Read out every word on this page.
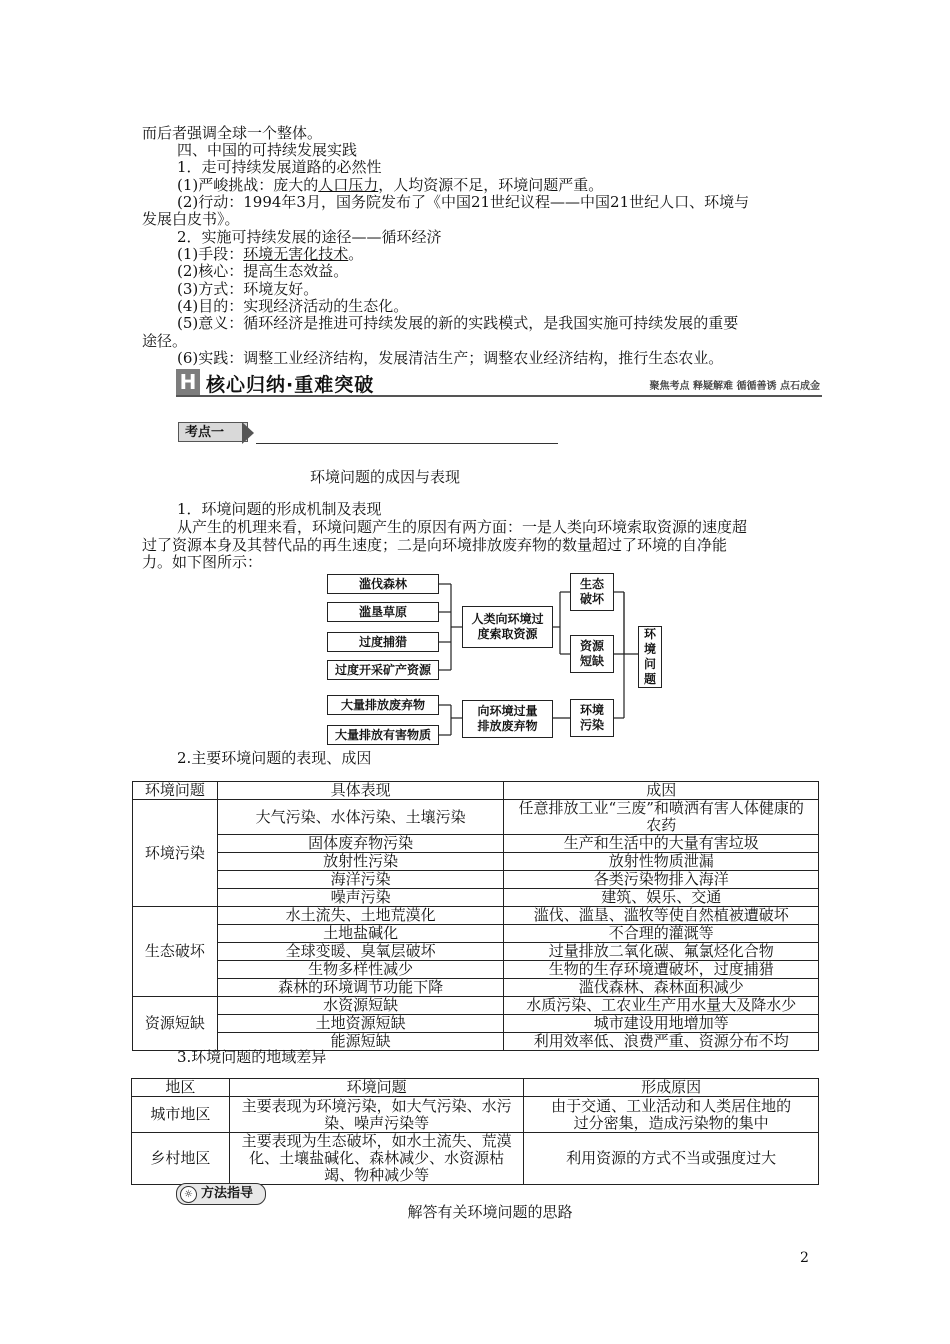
而后者强调全球一个整体。
四、中国的可持续发展实践
1．走可持续发展道路的必然性
(1)严峻挑战：庞大的人口压力，人均资源不足，环境问题严重。
(2)行动：1994年3月，国务院发布了《中国21世纪议程——中国21世纪人口、环境与
发展白皮书》。
2．实施可持续发展的途径——循环经济
(1)手段：环境无害化技术。
(2)核心：提高生态效益。
(3)方式：环境友好。
(4)目的：实现经济活动的生态化。
(5)意义：循环经济是推进可持续发展的新的实践模式，是我国实施可持续发展的重要
途径。
(6)实践：调整工业经济结构，发展清洁生产；调整农业经济结构，推行生态农业。
H 核心归纳·重难突破	聚焦考点 释疑解难 循循善诱 点石成金
考点一
环境问题的成因与表现
1．环境问题的形成机制及表现
从产生的机理来看，环境问题产生的原因有两方面：一是人类向环境索取资源的速度超
过了资源本身及其替代品的再生速度；二是向环境排放废弃物的数量超过了环境的自净能
力。如下图所示：
滥伐森林
滥垦草原
过度捕猎
过度开采矿产资源
大量排放废弃物
大量排放有害物质
人类向环境过度索取资源
向环境过量排放废弃物
生态破坏
资源短缺
环境污染
环境问题
2.主要环境问题的表现、成因
环境问题	具体表现	成因
环境污染	大气污染、水体污染、土壤污染	任意排放工业“三废”和喷洒有害人体健康的农药
	固体废弃物污染	生产和生活中的大量有害垃圾
	放射性污染	放射性物质泄漏
	海洋污染	各类污染物排入海洋
	噪声污染	建筑、娱乐、交通
生态破坏	水土流失、土地荒漠化	滥伐、滥垦、滥牧等使自然植被遭破坏
	土地盐碱化	不合理的灌溉等
	全球变暖、臭氧层破坏	过量排放二氧化碳、氟氯烃化合物
	生物多样性减少	生物的生存环境遭破坏，过度捕猎
	森林的环境调节功能下降	滥伐森林、森林面积减少
资源短缺	水资源短缺	水质污染、工农业生产用水量大及降水少
	土地资源短缺	城市建设用地增加等
	能源短缺	利用效率低、浪费严重、资源分布不均
3.环境问题的地域差异
地区	环境问题	形成原因
城市地区	主要表现为环境污染，如大气污染、水污染、噪声污染等	由于交通、工业活动和人类居住地的过分密集，造成污染物的集中
乡村地区	主要表现为生态破坏，如水土流失、荒漠化、土壤盐碱化、森林减少、水资源枯竭、物种减少等	利用资源的方式不当或强度过大
☼ 方法指导
解答有关环境问题的思路
2
